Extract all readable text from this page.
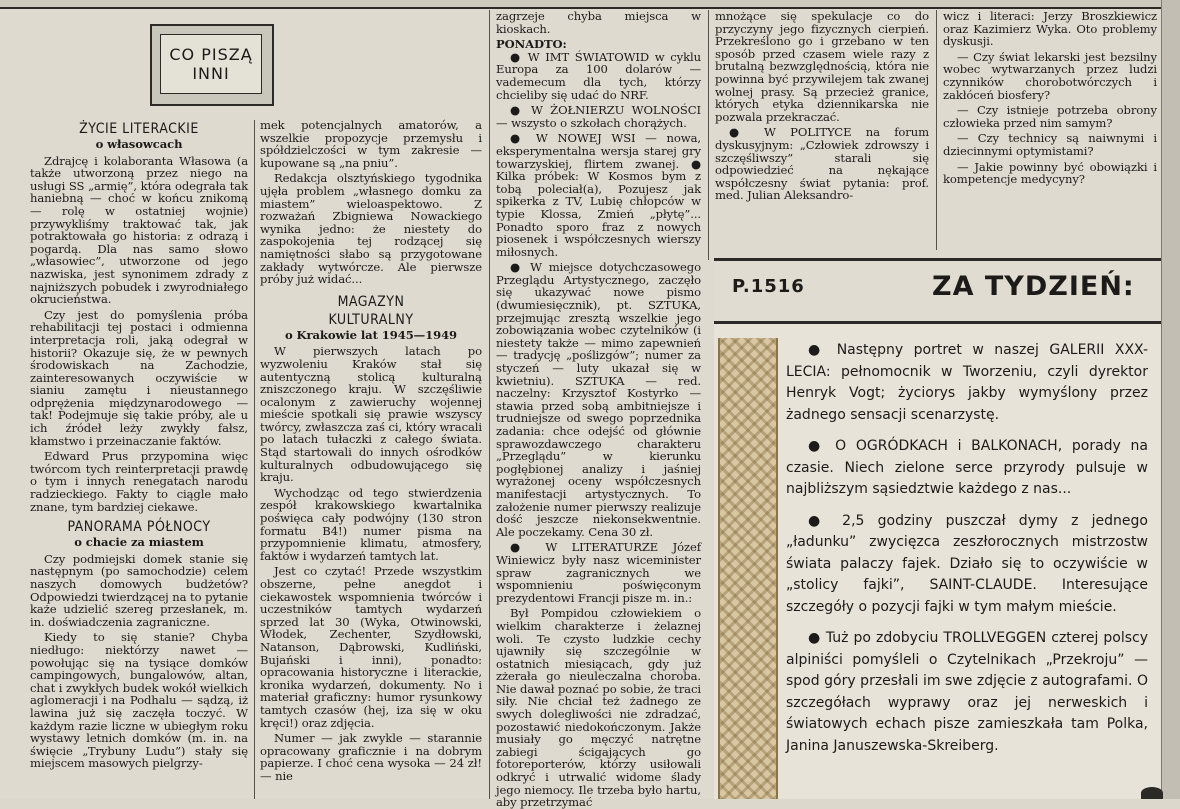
CO PISZĄ
INNI
ŻYCIE LITERACKIE
o własowcach

Zdrajcę i kolaboranta Własowa (a także utworzoną przez niego na usługi SS „armię”, która odegrała tak haniebną — choć w końcu znikomą — rolę w ostatniej wojnie) przywykliśmy traktować tak, jak potraktowała go historia: z odrazą i pogardą. Dla nas samo słowo „własowiec”, utworzone od jego nazwiska, jest synonimem zdrady z najniższych pobudek i zwyrodniałego okrucieństwa.

Czy jest do pomyślenia próba rehabilitacji tej postaci i odmienna interpretacja roli, jaką odegrał w historii? Okazuje się, że w pewnych środowiskach na Zachodzie, zainteresowanych oczywiście w sianiu zamętu i nieustannego odprężenia międzynarodowego — tak! Podejmuje się takie próby, ale u ich źródeł leży zwykły fałsz, kłamstwo i przeinaczanie faktów.

Edward Prus przypomina więc twórcom tych reinterpretacji prawdę o tym i innych renegatach narodu radzieckiego. Fakty to ciągle mało znane, tym bardziej ciekawe.

PANORAMA PÓŁNOCY
o chacie za miastem

Czy podmiejski domek stanie się następnym (po samochodzie) celem naszych domowych budżetów? Odpowiedzi twierdzącej na to pytanie każe udzielić szereg przesłanek, m. in. doświadczenia zagraniczne.

Kiedy to się stanie? Chyba niedługo: niektórzy nawet — powołując się na tysiące domków campingowych, bungalowów, altan, chat i zwykłych budek wokół wielkich aglomeracji i na Podhalu — sądzą, iż lawina już się zaczęła toczyć. W każdym razie liczne w ubiegłym roku wystawy letnich domków (m. in. na święcie „Trybuny Ludu”) stały się miejscem masowych pielgrzy-

mek potencjalnych amatorów, a wszelkie propozycje przemysłu i spółdzielczości w tym zakresie — kupowane są „na pniu”.

Redakcja olsztyńskiego tygodnika ujęła problem „własnego domku za miastem” wieloaspektowo. Z rozważań Zbigniewa Nowackiego wynika jedno: że niestety do zaspokojenia tej rodzącej się namiętności słabo są przygotowane zakłady wytwórcze. Ale pierwsze próby już widać...

MAGAZYN
KULTURALNY
o Krakowie lat 1945—1949

W pierwszych latach po wyzwoleniu Kraków stał się autentyczną stolicą kulturalną zniszczonego kraju. W szczęśliwie ocalonym z zawieruchy wojennej mieście spotkali się prawie wszyscy twórcy, zwłaszcza zaś ci, który wracali po latach tułaczki z całego świata. Stąd startowali do innych ośrodków kulturalnych odbudowującego się kraju.

Wychodząc od tego stwierdzenia zespół krakowskiego kwartalnika poświęca cały podwójny (130 stron formatu B4!) numer pisma na przypomnienie klimatu, atmosfery, faktów i wydarzeń tamtych lat.

Jest co czytać! Przede wszystkim obszerne, pełne anegdot i ciekawostek wspomnienia twórców i uczestników tamtych wydarzeń sprzed lat 30 (Wyka, Otwinowski, Włodek, Zechenter, Szydłowski, Natanson, Dąbrowski, Kudliński, Bujański i inni), ponadto: opracowania historyczne i literackie, kronika wydarzeń, dokumenty. No i materiał graficzny: humor rysunkowy tamtych czasów (hej, iza się w oku kręci!) oraz zdjęcia.

Numer — jak zwykle — starannie opracowany graficznie i na dobrym papierze. I choć cena wysoka — 24 zł! — nie

zagrzeje chyba miejsca w kioskach.

PONADTO:

● W IMT ŚWIATOWID w cyklu Europa za 100 dolarów — vademecum dla tych, którzy chcieliby się udać do NRF.

● W ŻOŁNIERZU WOLNOŚCI — wszysto o szkołach chorążych.

● W NOWEJ WSI — nowa, eksperymentalna wersja starej gry towarzyskiej, flirtem zwanej. ● Kilka próbek: W Kosmos bym z tobą poleciał(a), Pozujesz jak spikerka z TV, Lubię chłopców w typie Klossa, Zmień „płytę”... Ponadto sporo fraz z nowych piosenek i współczesnych wierszy miłosnych.

● W miejsce dotychczasowego Przeglądu Artystycznego, zaczęło się ukazywać nowe pismo (dwumiesięcznik), pt. SZTUKA, przejmując zresztą wszelkie jego zobowiązania wobec czytelników (i niestety także — mimo zapewnień — tradycję „poślizgów”; numer za styczeń — luty ukazał się w kwietniu). SZTUKA — red. naczelny: Krzysztof Kostyrko — stawia przed sobą ambitniejsze i trudniejsze od swego poprzednika zadania: chce odejść od głównie sprawozdawczego charakteru „Przeglądu” w kierunku pogłębionej analizy i jaśniej wyrażonej oceny współczesnych manifestacji artystycznych. To założenie numer pierwszy realizuje dość jeszcze niekonsekwentnie. Ale poczekamy. Cena 30 zł.

● W LITERATURZE Józef Winiewicz były nasz wiceminister spraw zagranicznych we wspomnieniu poświęconym prezydentowi Francji pisze m. in.:

Był Pompidou człowiekiem o wielkim charakterze i żelaznej woli. Te czysto ludzkie cechy ujawniły się szczególnie w ostatnich miesiącach, gdy już zżerała go nieuleczalna choroba. Nie dawał poznać po sobie, że traci siły. Nie chciał też żadnego ze swych dolegliwości nie zdradzać, pozostawić niedokończonym. Jakże musiały go męczyć natrętne zabiegi ścigających go fotoreporterów, którzy usiłowali odkryć i utrwalić widome ślady jego niemocy. Ile trzeba było hartu, aby przetrzymać

mnożące się spekulacje co do przyczyny jego fizycznych cierpień. Przekreślono go i grzebano w ten sposób przed czasem wiele razy z brutalną bezwzględnością, która nie powinna być przywilejem tak zwanej wolnej prasy. Są przecież granice, których etyka dziennikarska nie pozwala przekraczać.

● W POLITYCE na forum dyskusyjnym: „Człowiek zdrowszy i szczęśliwszy” starali się odpowiedzieć na nękające współczesny świat pytania: prof. med. Julian Aleksandro-

wicz i literaci: Jerzy Broszkiewicz oraz Kazimierz Wyka. Oto problemy dyskusji.

— Czy świat lekarski jest bezsilny wobec wytwarzanych przez ludzi czynników chorobotwórczych i zakłóceń biosfery?

— Czy istnieje potrzeba obrony człowieka przed nim samym?

— Czy technicy są naiwnymi i dziecinnymi optymistami?

— Jakie powinny być obowiązki i kompetencje medycyny?

P.1516	ZA TYDZIEŃ:

● Następny portret w naszej GALERII XXX-LECIA: pełnomocnik w Tworzeniu, czyli dyrektor Henryk Vogt; życiorys jakby wymyślony przez żadnego sensacji scenarzystę.

● O OGRÓDKACH i BALKONACH, porady na czasie. Niech zielone serce przyrody pulsuje w najbliższym sąsiedztwie każdego z nas...

● 2,5 godziny puszczał dymy z jednego „ładunku” zwycięzca zeszłorocznych mistrzostw świata palaczy fajek. Działo się to oczywiście w „stolicy fajki”, SAINT-CLAUDE. Interesujące szczegóły o pozycji fajki w tym małym mieście.

● Tuż po zdobyciu TROLLVEGGEN czterej polscy alpiniści pomyśleli o Czytelnikach „Przekroju” — spod góry przesłali im swe zdjęcie z autografami. O szczegółach wyprawy oraz jej nerweskich i światowych echach pisze zamieszkała tam Polka, Janina Januszewska-Skreiberg.
